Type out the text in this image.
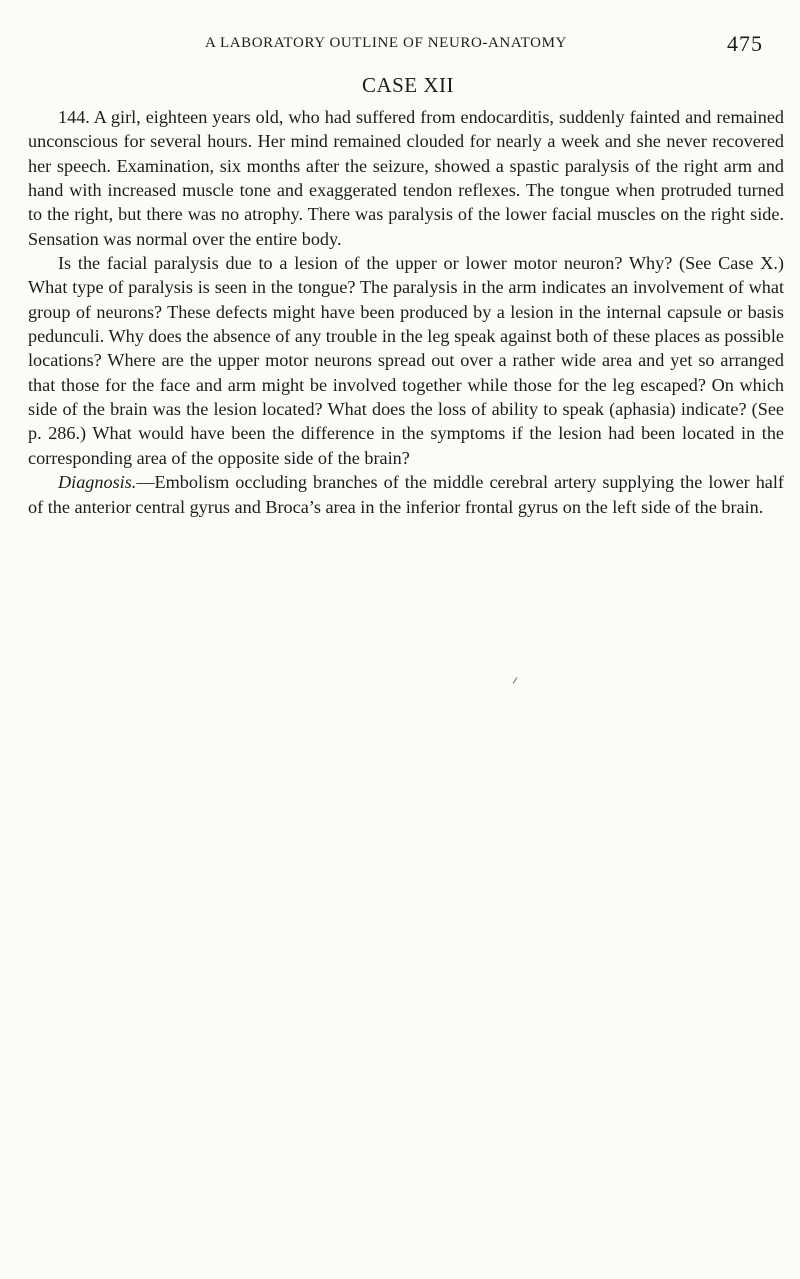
A LABORATORY OUTLINE OF NEURO-ANATOMY	475
CASE XII

144. A girl, eighteen years old, who had suffered from endocarditis, suddenly fainted and remained unconscious for several hours. Her mind remained clouded for nearly a week and she never recovered her speech. Examination, six months after the seizure, showed a spastic paralysis of the right arm and hand with increased muscle tone and exaggerated tendon reflexes. The tongue when protruded turned to the right, but there was no atrophy. There was paralysis of the lower facial muscles on the right side. Sensation was normal over the entire body.

Is the facial paralysis due to a lesion of the upper or lower motor neuron? Why? (See Case X.) What type of paralysis is seen in the tongue? The paralysis in the arm indicates an involvement of what group of neurons? These defects might have been produced by a lesion in the internal capsule or basis pedunculi. Why does the absence of any trouble in the leg speak against both of these places as possible locations? Where are the upper motor neurons spread out over a rather wide area and yet so arranged that those for the face and arm might be involved together while those for the leg escaped? On which side of the brain was the lesion located? What does the loss of ability to speak (aphasia) indicate? (See p. 286.) What would have been the difference in the symptoms if the lesion had been located in the corresponding area of the opposite side of the brain?

Diagnosis.—Embolism occluding branches of the middle cerebral artery supplying the lower half of the anterior central gyrus and Broca’s area in the inferior frontal gyrus on the left side of the brain.
